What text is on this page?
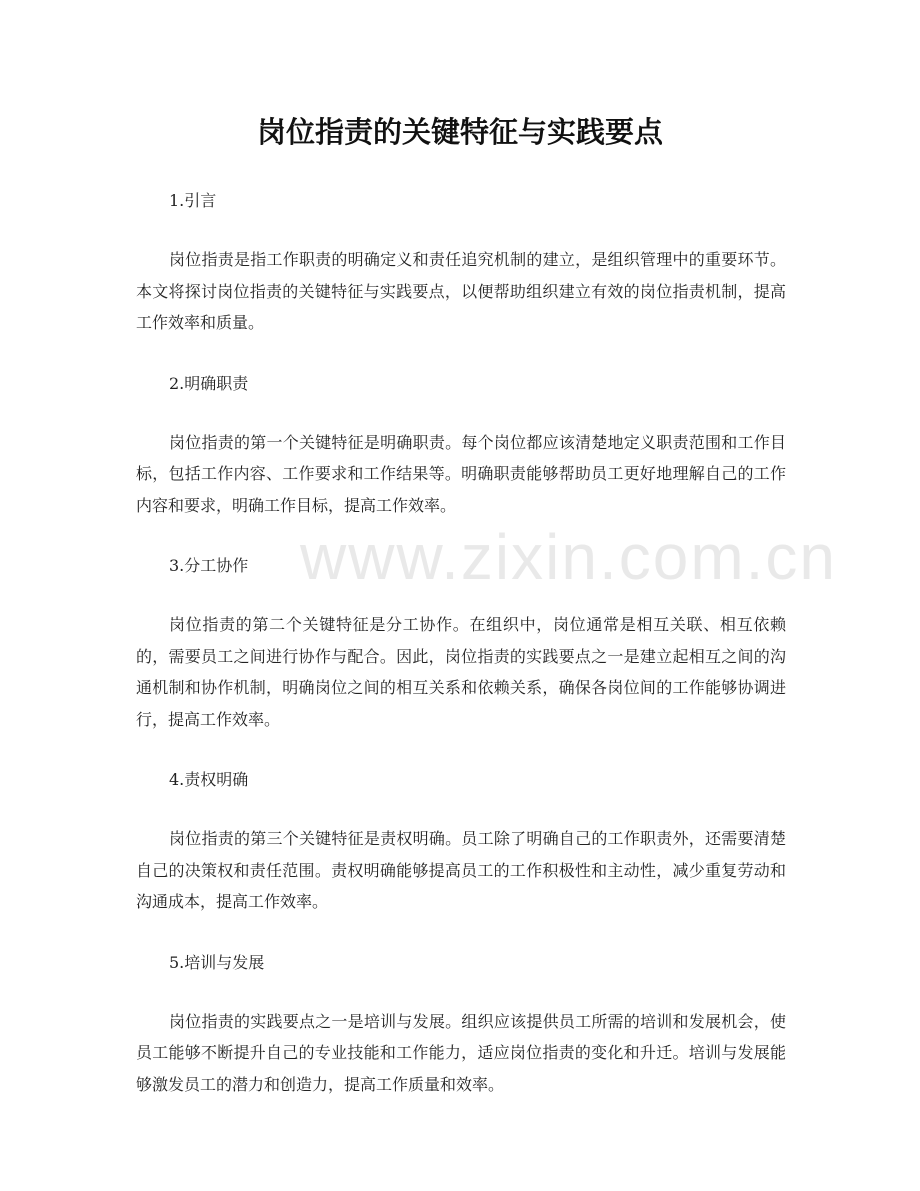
www.zixin.com.cn
岗位指责的关键特征与实践要点

1.引言

岗位指责是指工作职责的明确定义和责任追究机制的建立，是组织管理中的重要环节。本文将探讨岗位指责的关键特征与实践要点，以便帮助组织建立有效的岗位指责机制，提高工作效率和质量。

2.明确职责

岗位指责的第一个关键特征是明确职责。每个岗位都应该清楚地定义职责范围和工作目标，包括工作内容、工作要求和工作结果等。明确职责能够帮助员工更好地理解自己的工作内容和要求，明确工作目标，提高工作效率。

3.分工协作

岗位指责的第二个关键特征是分工协作。在组织中，岗位通常是相互关联、相互依赖的，需要员工之间进行协作与配合。因此，岗位指责的实践要点之一是建立起相互之间的沟通机制和协作机制，明确岗位之间的相互关系和依赖关系，确保各岗位间的工作能够协调进行，提高工作效率。

4.责权明确

岗位指责的第三个关键特征是责权明确。员工除了明确自己的工作职责外，还需要清楚自己的决策权和责任范围。责权明确能够提高员工的工作积极性和主动性，减少重复劳动和沟通成本，提高工作效率。

5.培训与发展

岗位指责的实践要点之一是培训与发展。组织应该提供员工所需的培训和发展机会，使员工能够不断提升自己的专业技能和工作能力，适应岗位指责的变化和升迁。培训与发展能够激发员工的潜力和创造力，提高工作质量和效率。
